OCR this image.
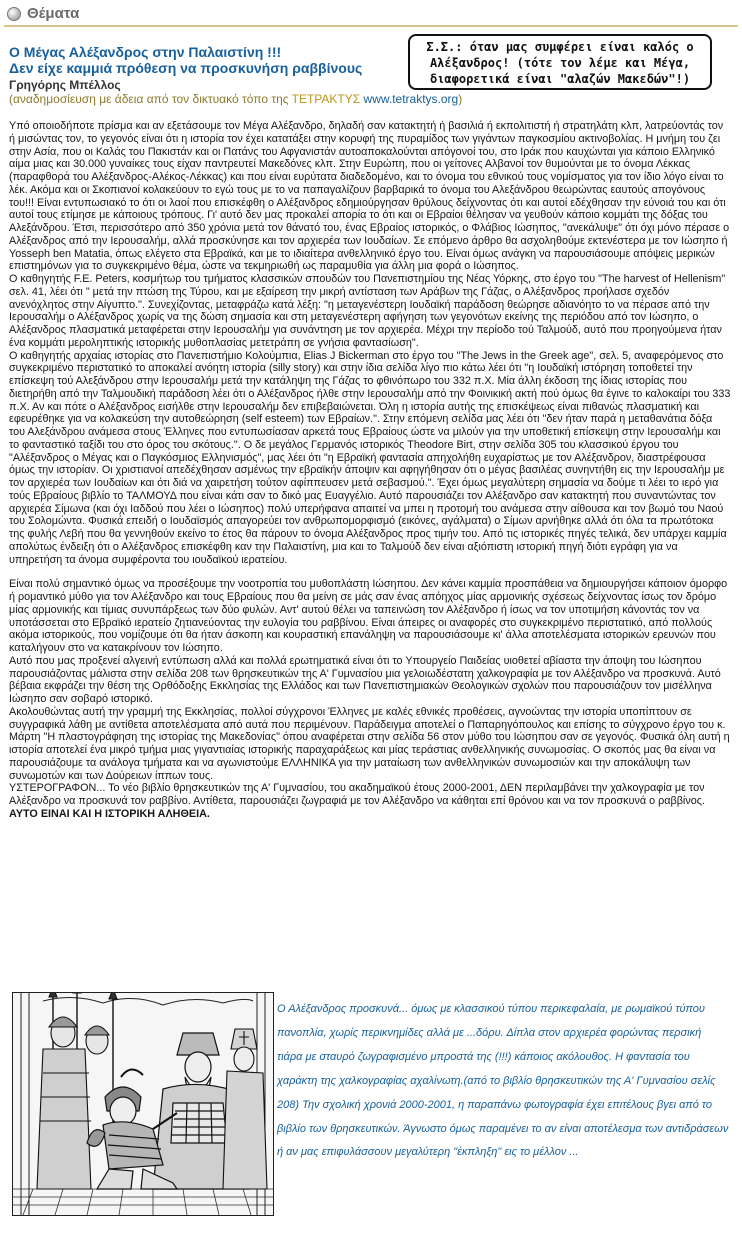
Θέματα
Ο Μέγας Αλέξανδρος στην Παλαιστίνη !!!
Δεν είχε καμμιά πρόθεση να προσκυνήση ραββίνους
Γρηγόρης Μπέλλος
(αναδημοσίευση με άδεια από τον δικτυακό τόπο της ΤΕΤΡΑΚΤΥΣ www.tetraktys.org)
Σ.Σ.: όταν μας συμφέρει είναι καλός ο
Αλέξανδρος! (τότε τον λέμε και Μέγα,
διαφορετικά είναι "αλαζών Μακεδών"!)

Υπό οποιοδήποτε πρίσμα και αν εξετάσουμε τον Μέγα Αλέξανδρο, δηλαδή σαν κατακτητή ή βασιλιά ή εκπολιτιστή ή στρατηλάτη κλπ, λατρεύοντάς τον ή μισώντας τον, το γεγονός είναι ότι η ιστορία τον έχει κατατάξει στην κορυφή της πυραμίδος των γιγάντων παγκοσμίου ακτινοβολίας. Η μνήμη του ζει στην Ασία, που οι Καλάς του Πακιστάν και οι Πατάνς του Αφγανιστάν αυτοαποκαλούνται απόγονοί του, στο Ιράκ που καυχώνται για κάποιο Ελληνικό αίμα μιας και 30.000 γυναίκες τους είχαν παντρευτεί Μακεδόνες κλπ. Στην Ευρώπη, που οι γείτονες Αλβανοί τον θυμούνται με το όνομα Λέκκας (παραφθορά του Αλέξανδρος-Αλέκος-Λέκκας) και που είναι ευρύτατα διαδεδομένο, και το όνομα του εθνικού τους νομίσματος για τον ίδιο λόγο είναι το λέκ. Ακόμα και οι Σκοπιανοί κολακεύουν το εγώ τους με το να παπαγαλίζουν βαρβαρικά το όνομα του Αλεξάνδρου θεωρώντας εαυτούς απογόνους του!!! Είναι εντυπωσιακό το ότι οι λαοί που επισκέφθη ο Αλέξανδρος εδημιούργησαν θρύλους δείχνοντας ότι και αυτοί εδέχθησαν την εύνοιά του και ότι αυτοί τους ετίμησε με κάποιους τρόπους. Γι' αυτό δεν μας προκαλεί απορία το ότι και οι Εβραίοι θέλησαν να γευθούν κάποιο κομμάτι της δόξας του Αλεξάνδρου. Έτσι, περισσότερο από 350 χρόνια μετά τον θάνατό του, ένας Εβραίος ιστορικός, ο Φλάβιος Ιώσηπος, "ανεκάλυψε" ότι όχι μόνο πέρασε ο Αλέξανδρος από την Ιερουσαλήμ, αλλά προσκύνησε και τον αρχιερέα των Ιουδαίων. Σε επόμενο άρθρο θα ασχοληθούμε εκτενέστερα με τον Ιώσηπο ή Yosseph ben Matatia, όπως ελέγετο στα Εβραϊκά, και με το ιδιαίτερα ανθελληνικό έργο του. Είναι όμως ανάγκη να παρουσιάσουμε απόψεις μερικών επιστημόνων για το συγκεκριμένο θέμα, ώστε να τεκμηριωθή ως παραμυθία για άλλη μια φορά ο Ιώσηπος.

Ο καθηγητής F.E. Peters, κοσμήτωρ του τμήματος κλασσικών σπουδών του Πανεπιστημίου της Νέας Υόρκης, στο έργο του "The harvest of Hellenism" σελ. 41, λέει ότι " μετά την πτώση της Τύρου, και με εξαίρεση την μικρή αντίσταση των Αράβων της Γάζας, ο Αλέξανδρος προήλασε σχεδόν ανενόχλητος στην Αίγυπτο.". Συνεχίζοντας, μεταφράζω κατά λέξη: "η μεταγενέστερη Ιουδαϊκή παράδοση θεώρησε αδιανόητο το να πέρασε από την Ιερουσαλήμ ο Αλέξανδρος χωρίς να της δώση σημασία και στη μεταγενέστερη αφήγηση των γεγονότων εκείνης της περιόδου από τον Ιώσηπο, ο Αλέξανδρος πλασματικά μεταφέρεται στην Ιερουσαλήμ για συνάντηση με τον αρχιερέα. Μέχρι την περίοδο τού Ταλμούδ, αυτό που προηγούμενα ήταν ένα κομμάτι μεροληπτικής ιστορικής μυθοπλασίας μετετράπη σε γνήσια φαντασίωση".

Ο καθηγητής αρχαίας ιστορίας στο Πανεπιστήμιο Κολούμπια, Elias J Bickerman στο έργο του "The Jews in the Greek age", σελ. 5, αναφερόμενος στο συγκεκριμένο περιστατικό το αποκαλεί ανόητη ιστορία (silly story) και στην ίδια σελίδα λίγο πιο κάτω λέει ότι "η Ιουδαϊκή ιστόρηση τοποθετεί την επίσκεψη τού Αλεξάνδρου στην Ιερουσαλήμ μετά την κατάληψη της Γάζας το φθινόπωρο του 332 π.Χ. Μία άλλη έκδοση της ίδιας ιστορίας που διετηρήθη από την Ταλμουδική παράδοση λέει ότι ο Αλέξανδρος ήλθε στην Ιερουσαλήμ από την Φοινικική ακτή πού όμως θα έγινε το καλοκαίρι του 333 π.Χ. Αν και πότε ο Αλέξανδρος εισήλθε στην Ιερουσαλήμ δεν επιβεβαιώνεται. Όλη η ιστορία αυτής της επισκέψεως είναι πιθανώς πλασματική και εφευρέθηκε για να κολακεύση την αυτοθεώρηση (self esteem) των Εβραίων.". Στην επόμενη σελίδα μας λέει ότι "δεν ήταν παρά η μεταθανάτια δόξα του Αλεξάνδρου ανάμεσα στους Έλληνες που εντυπωσίασαν αρκετά τους Εβραίους ώστε να μιλούν για την υποθετική επίσκεψη στην Ιερουσαλήμ και το φανταστικό ταξίδι του στο όρος του σκότους.". Ο δε μεγάλος Γερμανός ιστορικός Theodore Birt, στην σελίδα 305 του κλασσικού έργου του "Αλέξανδρος ο Μέγας και ο Παγκόσμιος Ελληνισμός", μας λέει ότι "η Εβραϊκή φαντασία απηχολήθη ευχαρίστως με τον Αλέξανδρον, διαστρέφουσα όμως την ιστορίαν. Οι χριστιανοί απεδέχθησαν ασμένως την εβραϊκήν άποψιν και αφηγήθησαν ότι ο μέγας βασιλέας συνηντήθη εις την Ιερουσαλήμ με τον αρχιερέα των Ιουδαίων και ότι διά να χαιρετήση τούτον αφίππευσεν μετά σεβασμού.". Έχει όμως μεγαλύτερη σημασία να δούμε τι λέει το ιερό για τούς Εβραίους βιβλίο το ΤΑΛΜΟΥΔ που είναι κάτι σαν το δικό μας Ευαγγέλιο. Αυτό παρουσιάζει τον Αλέξανδρο σαν κατακτητή που συναντώντας τον αρχιερέα Σίμωνα (και όχι Ιαδδού που λέει ο Ιώσηπος) πολύ υπερήφανα απαιτεί να μπει η προτομή του ανάμεσα στην αίθουσα και τον βωμό του Ναού του Σολομώντα. Φυσικά επειδή ο Ιουδαϊσμός απαγορεύει τον ανθρωπομορφισμό (εικόνες, αγάλματα) ο Σίμων αρνήθηκε αλλά ότι όλα τα πρωτότοκα της φυλής Λεβή που θα γεννηθούν εκείνο το έτος θα πάρουν το όνομα Αλέξανδρος προς τιμήν του. Από τις ιστορικές πηγές τελικά, δεν υπάρχει καμμία απολύτως ένδειξη ότι ο Αλέξανδρος επισκέφθη καν την Παλαιστίνη, μια και το Ταλμούδ δεν είναι αξιόπιστη ιστορική πηγή διότι εγράφη για να υπηρετήση τα άνομα συμφέροντα του ιουδαϊκού ιερατείου.

Είναι πολύ σημαντικό όμως να προσέξουμε την νοοτροπία του μυθοπλάστη Ιώσηπου. Δεν κάνει καμμία προσπάθεια να δημιουργήσει κάποιον όμορφο ή ρομαντικό μύθο για τον Αλέξανδρο και τους Εβραίους που θα μείνη σε μάς σαν ένας απόηχος μίας αρμονικής σχέσεως δείχνοντας ίσως τον δρόμο μίας αρμονικής και τίμιας συνυπάρξεως των δύο φυλών. Αντ' αυτού θέλει να ταπεινώση τον Αλέξανδρο ή ίσως να τον υποτιμήση κάνοντάς τον να υποτάσσεται στο Εβραϊκό ιερατείο ζητιανεύοντας την ευλογία του ραββίνου. Είναι άπειρες οι αναφορές στο συγκεκριμένο περιστατικό, από πολλούς ακόμα ιστορικούς, που νομίζουμε ότι θα ήταν άσκοπη και κουραστική επανάληψη να παρουσιάσουμε κι' άλλα αποτελέσματα ιστορικών ερευνών που καταλήγουν στο να κατακρίνουν τον Ιώσηπο.

Αυτό που μας προξενεί αλγεινή εντύπωση αλλά και πολλά ερωτηματικά είναι ότι το Υπουργείο Παιδείας υιοθετεί αβίαστα την άποψη του Ιώσηπου παρουσιάζοντας μάλιστα στην σελίδα 208 των θρησκευτικών της Α' Γυμνασίου μια γελοιωδέστατη χαλκογραφία με τον Αλέξανδρο να προσκυνά. Αυτό βέβαια εκφράζει την θέση της Ορθόδοξης Εκκλησίας της Ελλάδος και των Πανεπιστημιακών Θεολογικών σχολών που παρουσιάζουν τον μισέλληνα Ιώσηπο σαν σοβαρό ιστορικό.

Ακολουθώντας αυτή την γραμμή της Εκκλησίας, πολλοί σύγχρονοι Έλληνες με καλές εθνικές προθέσεις, αγνοώντας την ιστορία υποπίπτουν σε συγγραφικά λάθη με αντίθετα αποτελέσματα από αυτά που περιμένουν. Παράδειγμα αποτελεί ο Παπαρηγόπουλος και επίσης το σύγχρονο έργο του κ. Μάρτη "Η πλαστογράφηση της ιστορίας της Μακεδονίας" όπου αναφέρεται στην σελίδα 56 στον μύθο του Ιώσηπου σαν σε γεγονός. Φυσικά όλη αυτή η ιστορία αποτελεί ένα μικρό τμήμα μιας γιγαντιαίας ιστορικής παραχαράξεως και μίας τεράστιας ανθελληνικής συνωμοσίας. Ο σκοπός μας θα είναι να παρουσιάζουμε τα ανάλογα τμήματα και να αγωνιστούμε ΕΛΛΗΝΙΚΑ για την ματαίωση των ανθελληνικών συνωμοσιών και την αποκάλυψη των συνωμοτών και των Δούρειων ίππων τους.

ΥΣΤΕΡΟΓΡΑΦΟΝ... Το νέο βιβλίο θρησκευτικών της Α' Γυμνασίου, του ακαδημαϊκού έτους 2000-2001, ΔΕΝ περιλαμβάνει την χαλκογραφία με τον Αλέξανδρο να προσκυνά τον ραββίνο. Αντίθετα, παρουσιάζει ζωγραφιά με τον Αλέξανδρο να κάθηται επί θρόνου και να τον προσκυνά ο ραββίνος.

ΑΥΤΟ ΕΙΝΑΙ ΚΑΙ Η ΙΣΤΟΡΙΚΗ ΑΛΗΘΕΙΑ.

Ο Αλέξανδρος προσκυνά... όμως με κλασσικού τύπου περικεφαλαία, με ρωμαϊκού τύπου πανοπλία, χωρίς περικνημίδες αλλά με ...δόρυ. Δίπλα στον αρχιερέα φορώντας περσική τιάρα με σταυρό ζωγραφισμένο μπροστά της (!!!) κάποιος ακόλουθος. Η φαντασία του χαράκτη της χαλκογραφίας αχαλίνωτη.(από το βιβλίο θρησκευτικών της Α' Γυμνασίου σελίς 208) Την σχολική χρονιά 2000-2001, η παραπάνω φωτογραφία έχει επιτέλους βγει από το βιβλίο των θρησκευτικών. Άγνωστο όμως παραμένει το αν είναι αποτέλεσμα των αντιδράσεων ή αν μας επιφυλάσσουν μεγαλύτερη "έκπληξη" εις το μέλλον ...
